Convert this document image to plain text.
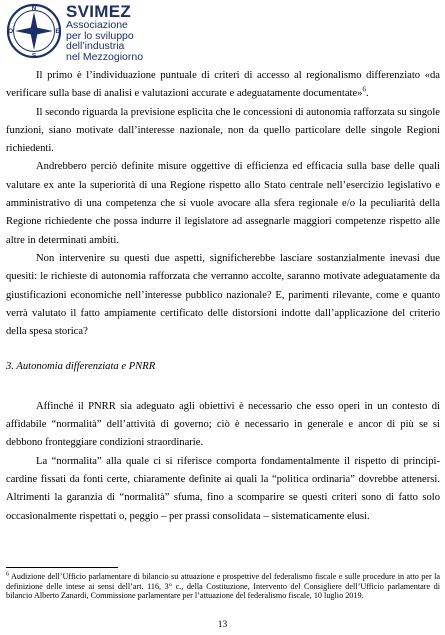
N
S
E
O
SVIMEZ
Associazione
per lo sviluppo
dell’industria
nel Mezzogiorno

Il primo è l’individuazione puntuale di criteri di accesso al regionalismo differenziato «da verificare sulla base di analisi e valutazioni accurate e adeguatamente documentate»$^6$.

Il secondo riguarda la previsione esplicita che le concessioni di autonomia rafforzata su singole funzioni, siano motivate dall’interesse nazionale, non da quello particolare delle singole Regioni richiedenti.

Andrebbero perciò definite misure oggettive di efficienza ed efficacia sulla base delle quali valutare ex ante la superiorità di una Regione rispetto allo Stato centrale nell’esercizio legislativo e amministrativo di una competenza che si vuole avocare alla sfera regionale e/o la peculiarità della Regione richiedente che possa indurre il legislatore ad assegnarle maggiori competenze rispetto alle altre in determinati ambiti.

Non intervenire su questi due aspetti, significherebbe lasciare sostanzialmente inevasi due quesiti: le richieste di autonomia rafforzata che verranno accolte, saranno motivate adeguatamente da giustificazioni economiche nell’interesse pubblico nazionale? E, parimenti rilevante, come e quanto verrà valutato il fatto ampiamente certificato delle distorsioni indotte dall’applicazione del criterio della spesa storica?

3. Autonomia differenziata e PNRR

Affinché il PNRR sia adeguato agli obiettivi è necessario che esso operi in un contesto di affidabile “normalità” dell’attività di governo; ciò è necessario in generale e ancor di più se si debbono fronteggiare condizioni straordinarie.

La “normalita” alla quale ci si riferisce comporta fondamentalmente il rispetto di principi-cardine fissati da fonti certe, chiaramente definite ai quali la “politica ordinaria” dovrebbe attenersi. Altrimenti la garanzia di “normalità” sfuma, fino a scomparire se questi criteri sono di fatto solo occasionalmente rispettati o, peggio – per prassi consolidata – sistematicamente elusi.

$^6$ Audizione dell’Ufficio parlamentare di bilancio su attuazione e prospettive del federalismo fiscale e sulle procedure in atto per la definizione delle intese ai sensi dell’art. 116, 3° c., della Costituzione, Intervento del Consigliere dell’Ufficio parlamentare di bilancio Alberto Zanardi, Commissione parlamentare per l’attuazione del federalismo fiscale, 10 luglio 2019.
13
